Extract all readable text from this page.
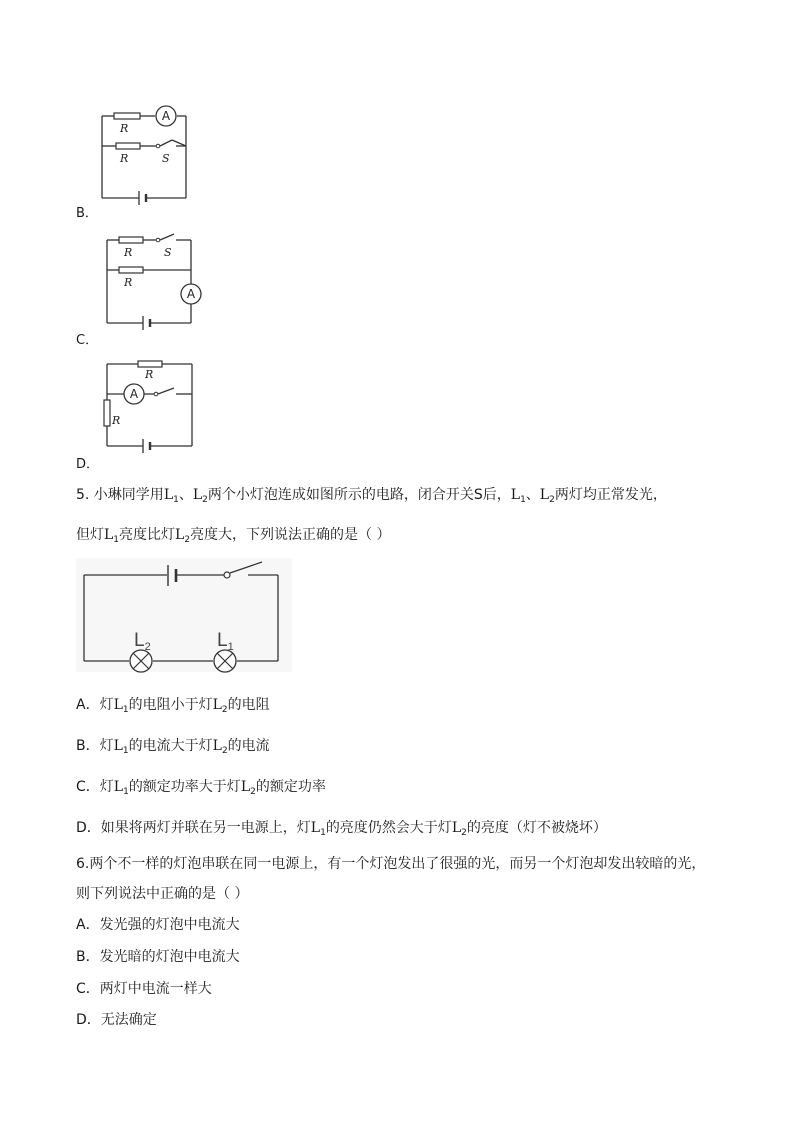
A
R
R	S
B．
A
R	S
R
C．
A
R
R
D．
5. 小琳同学用$L_1$、$L_2$两个小灯泡连成如图所示的电路，闭合开关S后，$L_1$、$L_2$两灯均正常发光，
但灯$L_1$亮度比灯$L_2$亮度大，下列说法正确的是（ ）
$L_2$	$L_1$
A．灯$L_1$的电阻小于灯$L_2$的电阻
B．灯$L_1$的电流大于灯$L_2$的电流
C．灯$L_1$的额定功率大于灯$L_2$的额定功率
D．如果将两灯并联在另一电源上，灯$L_1$的亮度仍然会大于灯$L_2$的亮度（灯不被烧坏）
6.两个不一样的灯泡串联在同一电源上，有一个灯泡发出了很强的光，而另一个灯泡却发出较暗的光，
则下列说法中正确的是（ ）
A．发光强的灯泡中电流大
B．发光暗的灯泡中电流大
C．两灯中电流一样大
D．无法确定
